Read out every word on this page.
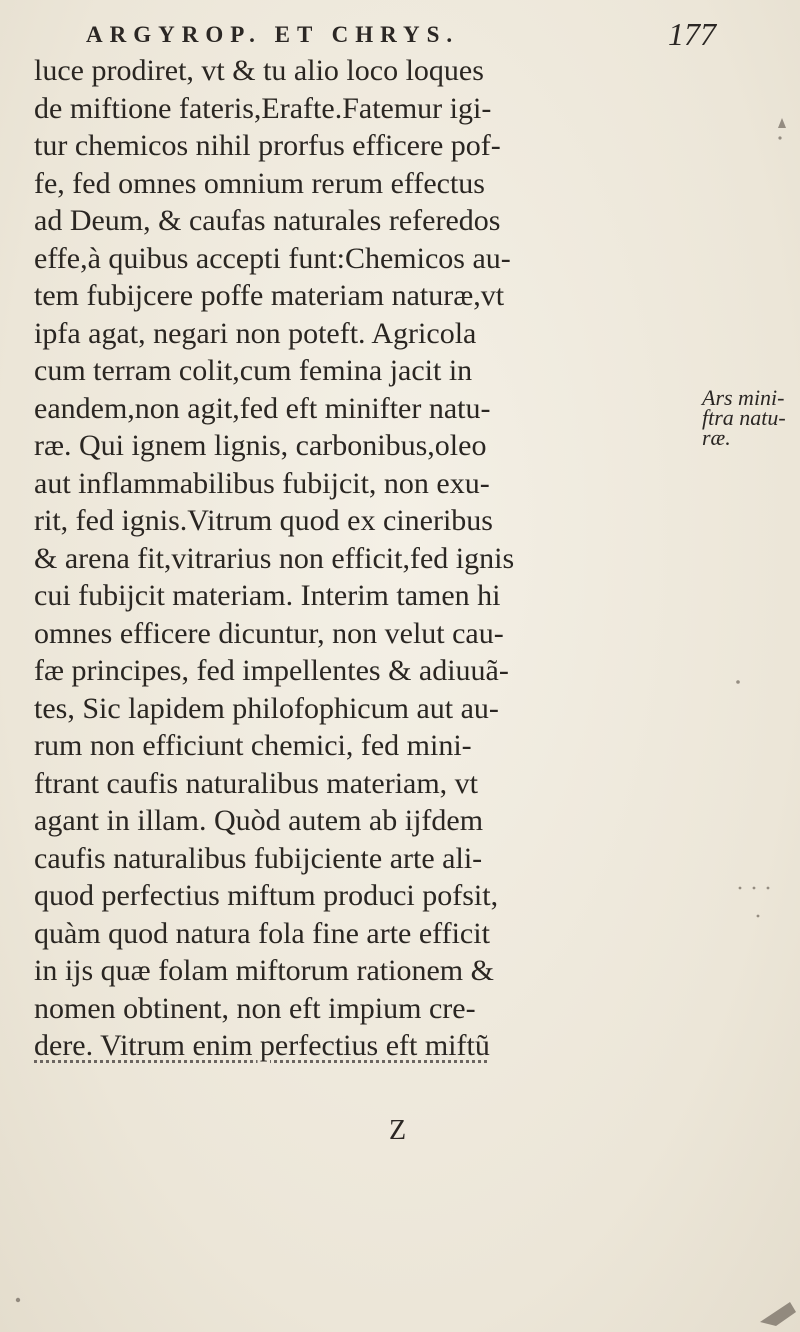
ARGYROP. ET CHRYS.	177
luce prodiret, vt & tu alio loco loques
de miftione fateris,Erafte.Fatemur igi-
tur chemicos nihil prorfus efficere pof-
fe, fed omnes omnium rerum effectus
ad Deum, & caufas naturales referedos
effe,à quibus accepti funt:Chemicos au-
tem fubijcere poffe materiam naturæ,vt
ipfa agat, negari non poteft. Agricola
cum terram colit,cum femina jacit in
eandem,non agit,fed eft minifter natu-
ræ. Qui ignem lignis, carbonibus,oleo
aut inflammabilibus fubijcit, non exu-
rit, fed ignis.Vitrum quod ex cineribus
& arena fit,vitrarius non efficit,fed ignis
cui fubijcit materiam. Interim tamen hi
omnes efficere dicuntur, non velut cau-
fæ principes, fed impellentes & adiuuã-
tes, Sic lapidem philofophicum aut au-
rum non efficiunt chemici, fed mini-
ftrant caufis naturalibus materiam, vt
agant in illam. Quòd autem ab ijfdem
caufis naturalibus fubijciente arte ali-
quod perfectius miftum produci pofsit,
quàm quod natura fola fine arte efficit
in ijs quæ folam miftorum rationem &
nomen obtinent, non eft impium cre-
dere. Vitrum enim perfectius eft miftũ
Ars mini-
ftra natu-
ræ.
Z
